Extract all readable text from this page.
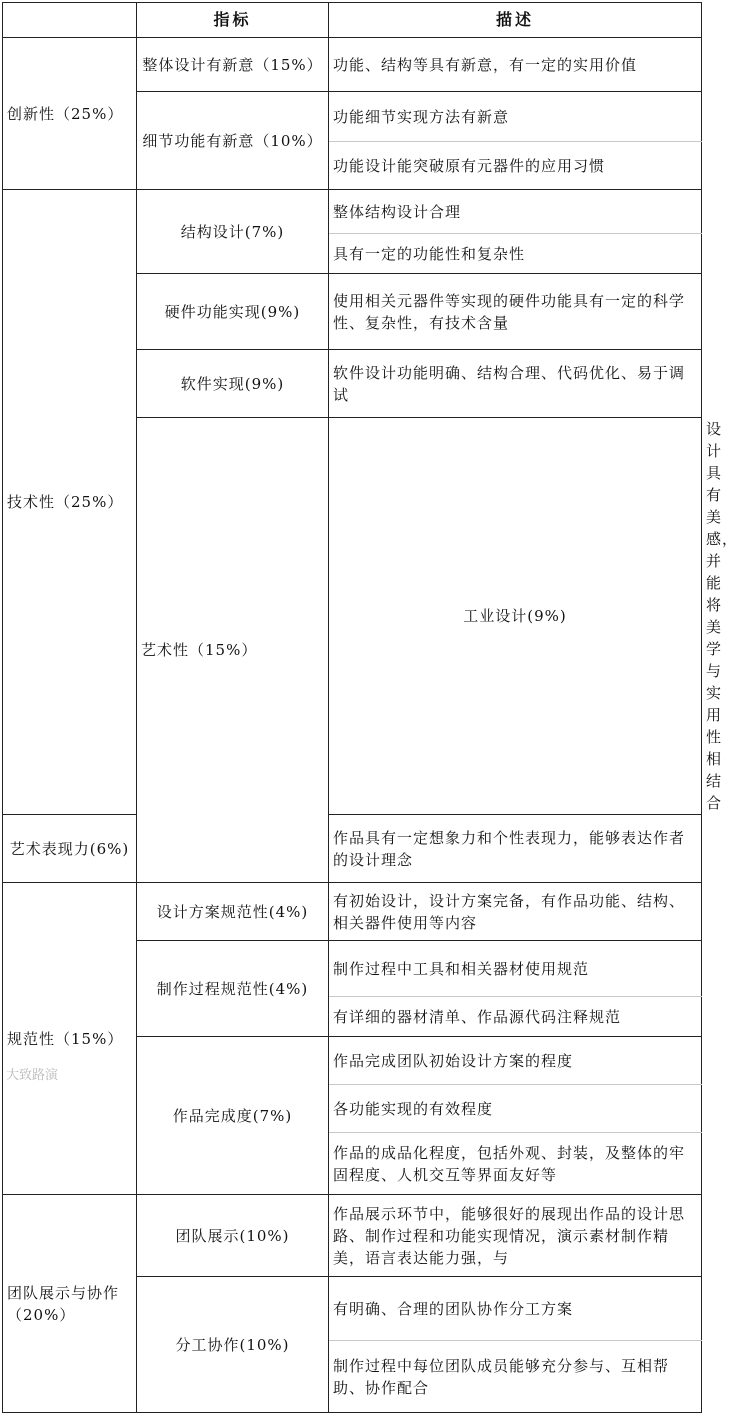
	指标	描述	
创新性（25%）	整体设计有新意（15%）	功能、结构等具有新意，有一定的实用价值	
	细节功能有新意（10%）	功能细节实现方法有新意	
		功能设计能突破原有元器件的应用习惯	
技术性（25%）	结构设计(7%)	整体结构设计合理	
		具有一定的功能性和复杂性	
	硬件功能实现(9%)	使用相关元器件等实现的硬件功能具有一定的科学性、复杂性，有技术含量	
	软件实现(9%)	软件设计功能明确、结构合理、代码优化、易于调试	
	艺术性（15%）	工业设计(9%)	设计具有美感，并能将美学与实用性相结合
艺术表现力(6%)		作品具有一定想象力和个性表现力，能够表达作者的设计理念	
规范性（15%）	设计方案规范性(4%)	有初始设计，设计方案完备，有作品功能、结构、相关器件使用等内容	
	制作过程规范性(4%)	制作过程中工具和相关器材使用规范	
		有详细的器材清单、作品源代码注释规范	
	作品完成度(7%)	作品完成团队初始设计方案的程度	
		各功能实现的有效程度	
		作品的成品化程度，包括外观、封装，及整体的牢固程度、人机交互等界面友好等	
团队展示与协作（20%）	团队展示(10%)	作品展示环节中，能够很好的展现出作品的设计思路、制作过程和功能实现情况，演示素材制作精美，语言表达能力强，与	
	分工协作(10%)	有明确、合理的团队协作分工方案	
		制作过程中每位团队成员能够充分参与、互相帮助、协作配合	
大致路演
